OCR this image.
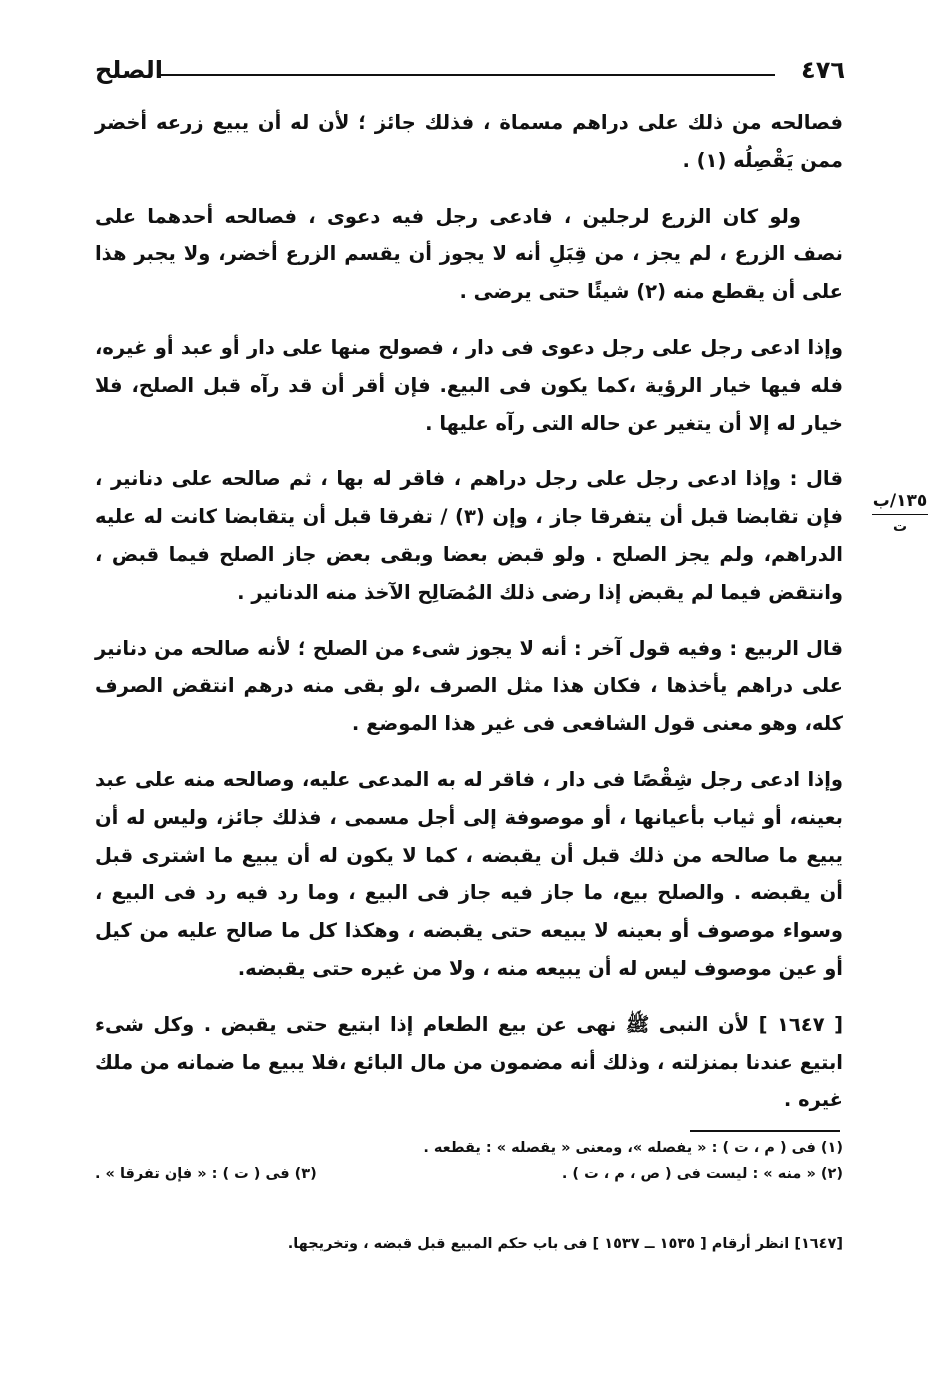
٤٧٦
الصلح

فصالحه من ذلك على دراهم مسماة ، فذلك جائز ؛ لأن له أن يبيع زرعه أخضر ممن يَقْصِلُه (١) .

ولو كان الزرع لرجلين ، فادعى رجل فيه دعوى ، فصالحه أحدهما على نصف الزرع ، لم يجز ، من قِبَلِ أنه لا يجوز أن يقسم الزرع أخضر، ولا يجبر هذا على أن يقطع منه (٢) شيئًا حتى يرضى .

وإذا ادعى رجل على رجل دعوى فى دار ، فصولح منها على دار أو عبد أو غيره، فله فيها خيار الرؤية ،كما يكون فى البيع. فإن أقر أن قد رآه قبل الصلح، فلا خيار له إلا أن يتغير عن حاله التى رآه عليها .

قال : وإذا ادعى رجل على رجل دراهم ، فاقر له بها ، ثم صالحه على دنانير ، فإن تقابضا قبل أن يتفرقا جاز ، وإن (٣) / تفرقا قبل أن يتقابضا كانت له عليه الدراهم، ولم يجز الصلح . ولو قبض بعضا وبقى بعض جاز الصلح فيما قبض ، وانتقض فيما لم يقبض إذا رضى ذلك المُصَالِح الآخذ منه الدنانير .

قال الربيع : وفيه قول آخر : أنه لا يجوز شىء من الصلح ؛ لأنه صالحه من دنانير على دراهم يأخذها ، فكان هذا مثل الصرف ،لو بقى منه درهم انتقض الصرف كله، وهو معنى قول الشافعى فى غير هذا الموضع .

وإذا ادعى رجل شِقْصًا فى دار ، فاقر له به المدعى عليه، وصالحه منه على عبد بعينه، أو ثياب بأعيانها ، أو موصوفة إلى أجل مسمى ، فذلك جائز، وليس له أن يبيع ما صالحه من ذلك قبل أن يقبضه ، كما لا يكون له أن يبيع ما اشترى قبل أن يقبضه . والصلح بيع، ما جاز فيه جاز فى البيع ، وما رد فيه رد فى البيع ، وسواء موصوف أو بعينه لا يبيعه حتى يقبضه ، وهكذا كل ما صالح عليه من كيل أو عين موصوف ليس له أن يبيعه منه ، ولا من غيره حتى يقبضه.

[ ١٦٤٧ ] لأن النبى ﷺ نهى عن بيع الطعام إذا ابتيع حتى يقبض . وكل شىء ابتيع عندنا بمنزلته ، وذلك أنه مضمون من مال البائع ،فلا يبيع ما ضمانه من ملك غيره .

١٣٥/ب
ت

(١) فى ( م ، ت ) : « يفصله »، ومعنى « يقصله » : يقطعه .

(٢) « منه » : ليست فى ( ص ، م ، ت ) .
(٣) فى ( ت ) : « فإن تفرقا » .
[١٦٤٧] انظر أرقام [ ١٥٣٥ ــ ١٥٣٧ ] فى باب حكم المبيع قبل قبضه ، وتخريجها.
